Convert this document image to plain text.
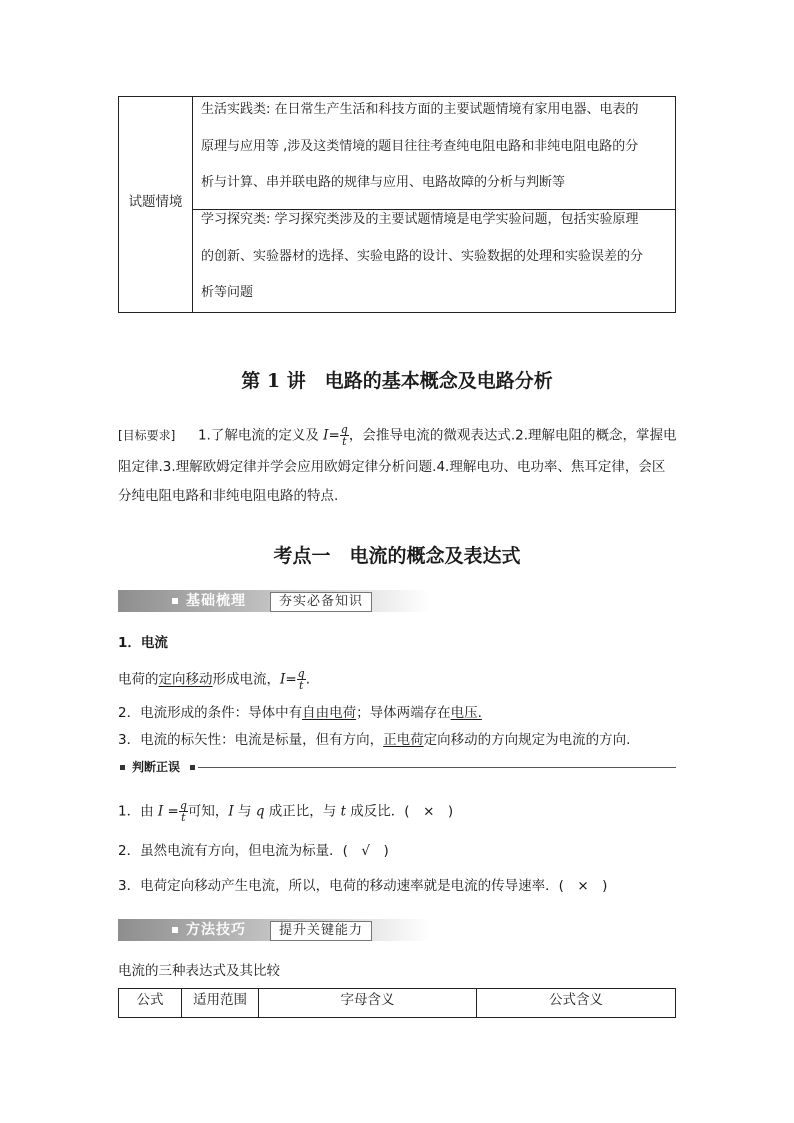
试题情境
生活实践类: 在日常生产生活和科技方面的主要试题情境有家用电器、电表的
原理与应用等 ,涉及这类情境的题目往往考查纯电阻电路和非纯电阻电路的分
析与计算、串并联电路的规律与应用、电路故障的分析与判断等
学习探究类: 学习探究类涉及的主要试题情境是电学实验问题，包括实验原理
的创新、实验器材的选择、实验电路的设计、实验数据的处理和实验误差的分
析等问题
第 1 讲　电路的基本概念及电路分析
[目标要求] 1.了解电流的定义及 $I= \frac{q}{t}$ ，会推导电流的微观表达式.2.理解电阻的概念，掌握电
阻定律.3.理解欧姆定律并学会应用欧姆定律分析问题.4.理解电功、电功率、焦耳定律，会区
分纯电阻电路和非纯电阻电路的特点.
考点一　电流的概念及表达式
基础梳理	夯实必备知识
1．电流
电荷的定向移动形成电流，$I= \frac{q}{t}$ .
2．电流形成的条件：导体中有自由电荷；导体两端存在电压.
3．电流的标矢性：电流是标量，但有方向，正电荷定向移动的方向规定为电流的方向.
判断正误
1．由 $I = \frac{q}{t}$ 可知，I 与 q 成正比，与 t 成反比．(　×　)
2．虽然电流有方向，但电流为标量．(　√　)
3．电荷定向移动产生电流，所以，电荷的移动速率就是电流的传导速率．(　×　)
方法技巧	提升关键能力
电流的三种表达式及其比较
公式	适用范围	字母含义	公式含义
